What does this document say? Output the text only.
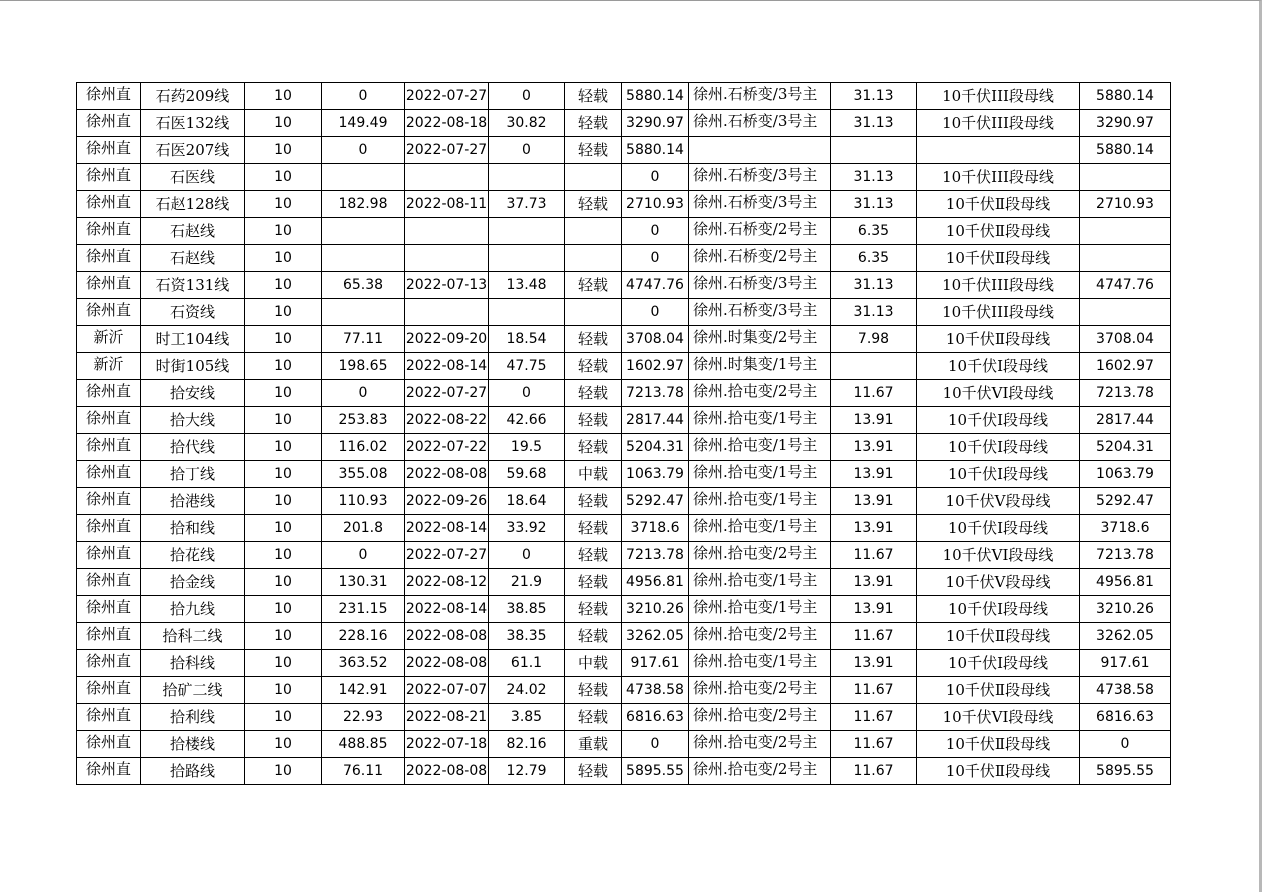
徐州直	石药209线	10	0	2022-07-27	0	轻载	5880.14	徐州.石桥变/3号主	31.13	10千伏III段母线	5880.14
徐州直	石医132线	10	149.49	2022-08-18	30.82	轻载	3290.97	徐州.石桥变/3号主	31.13	10千伏III段母线	3290.97
徐州直	石医207线	10	0	2022-07-27	0	轻载	5880.14				5880.14
徐州直	石医线	10					0	徐州.石桥变/3号主	31.13	10千伏III段母线	
徐州直	石赵128线	10	182.98	2022-08-11	37.73	轻载	2710.93	徐州.石桥变/3号主	31.13	10千伏Ⅱ段母线	2710.93
徐州直	石赵线	10					0	徐州.石桥变/2号主	6.35	10千伏Ⅱ段母线	
徐州直	石赵线	10					0	徐州.石桥变/2号主	6.35	10千伏Ⅱ段母线	
徐州直	石资131线	10	65.38	2022-07-13	13.48	轻载	4747.76	徐州.石桥变/3号主	31.13	10千伏III段母线	4747.76
徐州直	石资线	10					0	徐州.石桥变/3号主	31.13	10千伏III段母线	
新沂	时工104线	10	77.11	2022-09-20	18.54	轻载	3708.04	徐州.时集变/2号主	7.98	10千伏Ⅱ段母线	3708.04
新沂	时街105线	10	198.65	2022-08-14	47.75	轻载	1602.97	徐州.时集变/1号主		10千伏Ⅰ段母线	1602.97
徐州直	拾安线	10	0	2022-07-27	0	轻载	7213.78	徐州.拾屯变/2号主	11.67	10千伏VI段母线	7213.78
徐州直	拾大线	10	253.83	2022-08-22	42.66	轻载	2817.44	徐州.拾屯变/1号主	13.91	10千伏Ⅰ段母线	2817.44
徐州直	拾代线	10	116.02	2022-07-22	19.5	轻载	5204.31	徐州.拾屯变/1号主	13.91	10千伏Ⅰ段母线	5204.31
徐州直	拾丁线	10	355.08	2022-08-08	59.68	中载	1063.79	徐州.拾屯变/1号主	13.91	10千伏Ⅰ段母线	1063.79
徐州直	拾港线	10	110.93	2022-09-26	18.64	轻载	5292.47	徐州.拾屯变/1号主	13.91	10千伏Ⅴ段母线	5292.47
徐州直	拾和线	10	201.8	2022-08-14	33.92	轻载	3718.6	徐州.拾屯变/1号主	13.91	10千伏Ⅰ段母线	3718.6
徐州直	拾花线	10	0	2022-07-27	0	轻载	7213.78	徐州.拾屯变/2号主	11.67	10千伏VI段母线	7213.78
徐州直	拾金线	10	130.31	2022-08-12	21.9	轻载	4956.81	徐州.拾屯变/1号主	13.91	10千伏Ⅴ段母线	4956.81
徐州直	拾九线	10	231.15	2022-08-14	38.85	轻载	3210.26	徐州.拾屯变/1号主	13.91	10千伏Ⅰ段母线	3210.26
徐州直	拾科二线	10	228.16	2022-08-08	38.35	轻载	3262.05	徐州.拾屯变/2号主	11.67	10千伏Ⅱ段母线	3262.05
徐州直	拾科线	10	363.52	2022-08-08	61.1	中载	917.61	徐州.拾屯变/1号主	13.91	10千伏Ⅰ段母线	917.61
徐州直	拾矿二线	10	142.91	2022-07-07	24.02	轻载	4738.58	徐州.拾屯变/2号主	11.67	10千伏Ⅱ段母线	4738.58
徐州直	拾利线	10	22.93	2022-08-21	3.85	轻载	6816.63	徐州.拾屯变/2号主	11.67	10千伏VI段母线	6816.63
徐州直	拾楼线	10	488.85	2022-07-18	82.16	重载	0	徐州.拾屯变/2号主	11.67	10千伏Ⅱ段母线	0
徐州直	拾路线	10	76.11	2022-08-08	12.79	轻载	5895.55	徐州.拾屯变/2号主	11.67	10千伏Ⅱ段母线	5895.55
